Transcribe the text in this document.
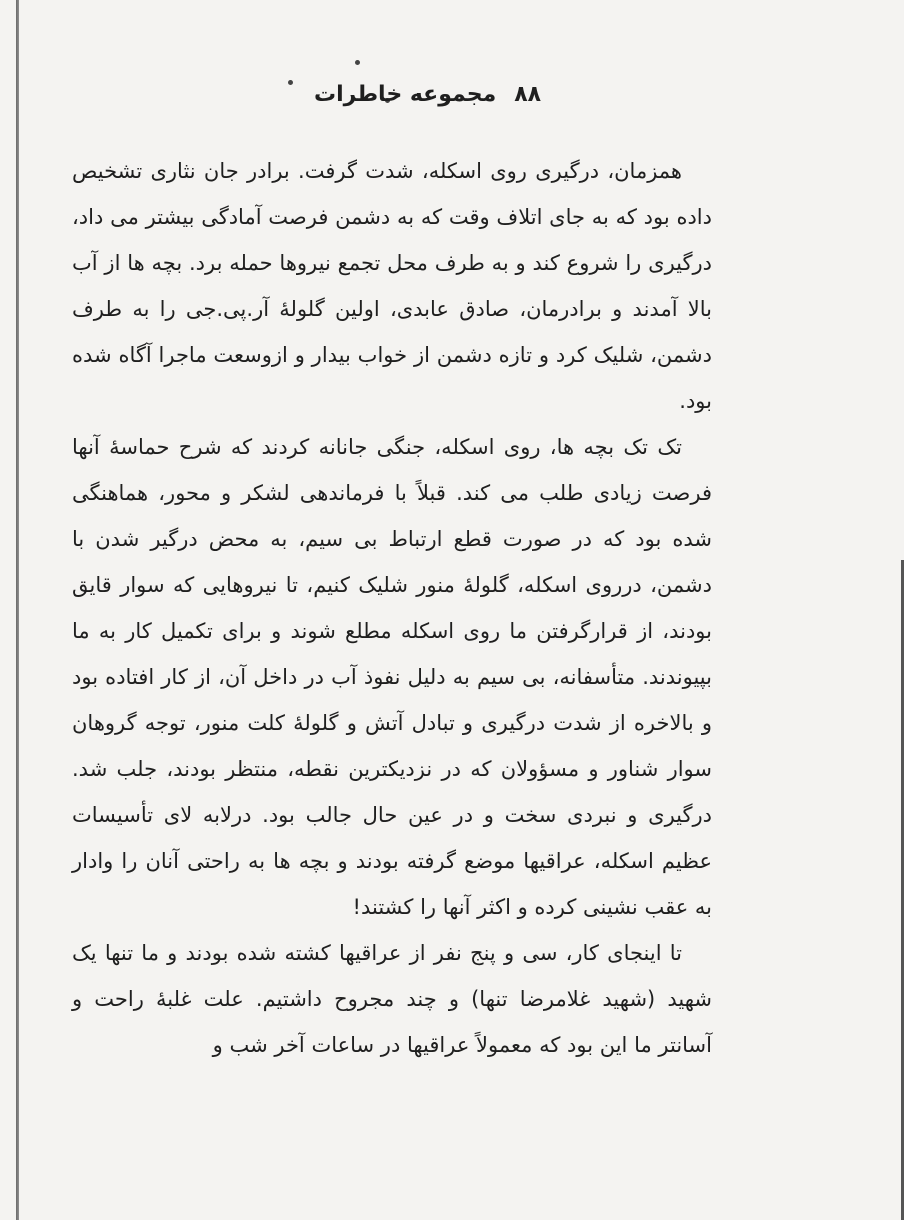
۸۸
مجموعه خاطرات

همزمان، درگیری روی اسکله، شدت گرفت. برادر جان نثاری تشخیص داده بود که به جای اتلاف وقت که به دشمن فرصت آمادگی بیشتر می داد، درگیری را شروع کند و به طرف محل تجمع نیروها حمله برد. بچه ها از آب بالا آمدند و برادرمان، صادق عابدی، اولین گلولهٔ آر.پی.جی را به طرف دشمن، شلیک کرد و تازه دشمن از خواب بیدار و ازوسعت ماجرا آگاه شده بود.

تک تک بچه ها، روی اسکله، جنگی جانانه کردند که شرح حماسهٔ آنها فرصت زیادی طلب می کند. قبلاً با فرماندهی لشکر و محور، هماهنگی شده بود که در صورت قطع ارتباط بی سیم، به محض درگیر شدن با دشمن، درروی اسکله، گلولهٔ منور شلیک کنیم، تا نیروهایی که سوار قایق بودند، از قرارگرفتن ما روی اسکله مطلع شوند و برای تکمیل کار به ما بپیوندند. متأسفانه، بی سیم به دلیل نفوذ آب در داخل آن، از کار افتاده بود و بالاخره از شدت درگیری و تبادل آتش و گلولهٔ کلت منور، توجه گروهان سوار شناور و مسؤولان که در نزدیکترین نقطه، منتظر بودند، جلب شد. درگیری و نبردی سخت و در عین حال جالب بود. درلابه لای تأسیسات عظیم اسکله، عراقیها موضع گرفته بودند و بچه ها به راحتی آنان را وادار به عقب نشینی کرده و اکثر آنها را کشتند!

تا اینجای کار، سی و پنج نفر از عراقیها کشته شده بودند و ما تنها یک شهید (شهید غلامرضا تنها) و چند مجروح داشتیم. علت غلبهٔ راحت و آسانتر ما این بود که معمولاً عراقیها در ساعات آخر شب و
